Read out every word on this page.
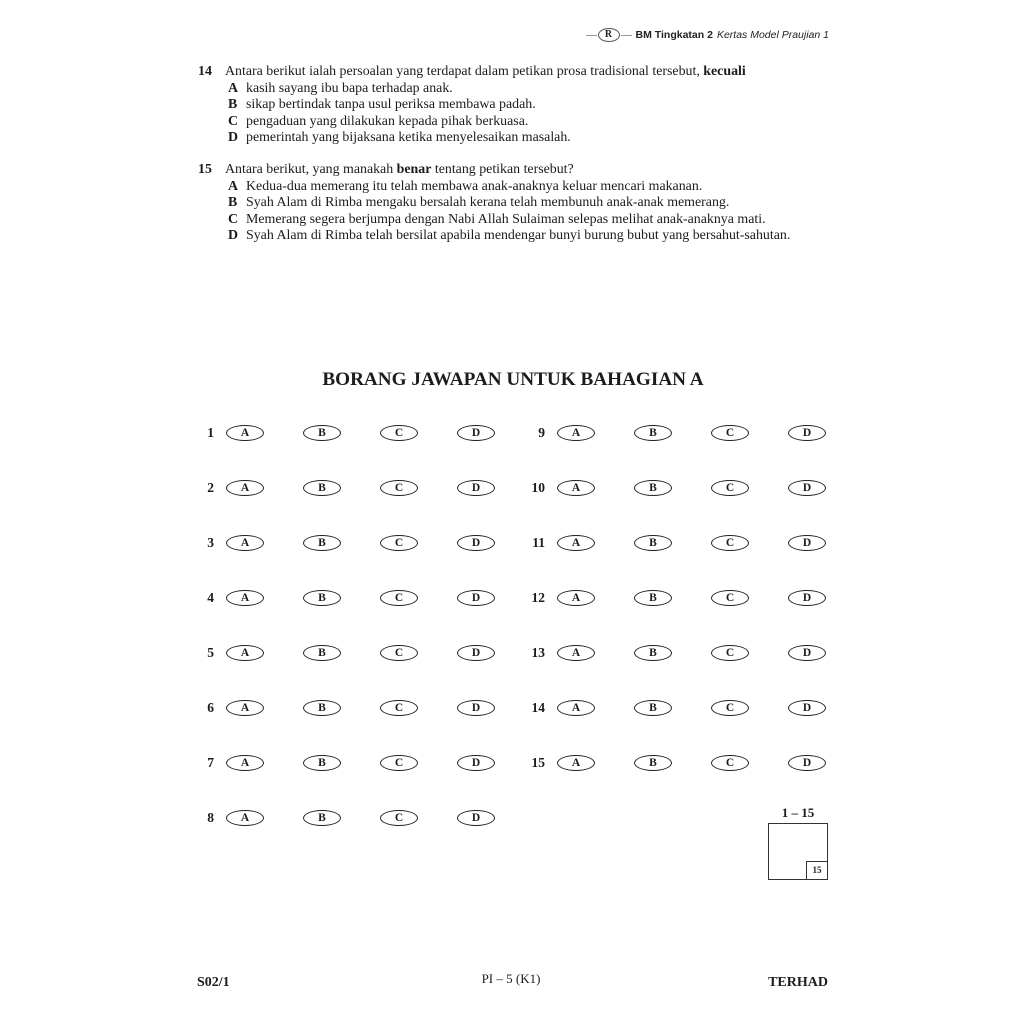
R BM Tingkatan 2 Kertas Model Praujian 1
14 Antara berikut ialah persoalan yang terdapat dalam petikan prosa tradisional tersebut, kecuali
A kasih sayang ibu bapa terhadap anak.
B sikap bertindak tanpa usul periksa membawa padah.
C pengaduan yang dilakukan kepada pihak berkuasa.
D pemerintah yang bijaksana ketika menyelesaikan masalah.
15 Antara berikut, yang manakah benar tentang petikan tersebut?
A Kedua-dua memerang itu telah membawa anak-anaknya keluar mencari makanan.
B Syah Alam di Rimba mengaku bersalah kerana telah membunuh anak-anak memerang.
C Memerang segera berjumpa dengan Nabi Allah Sulaiman selepas melihat anak-anaknya mati.
D Syah Alam di Rimba telah bersilat apabila mendengar bunyi burung bubut yang bersahut-sahutan.
BORANG JAWAPAN UNTUK BAHAGIAN A
1	A	B	C	D
2	A	B	C	D
3	A	B	C	D
4	A	B	C	D
5	A	B	C	D
6	A	B	C	D
7	A	B	C	D
8	A	B	C	D
9	A	B	C	D
10	A	B	C	D
11	A	B	C	D
12	A	B	C	D
13	A	B	C	D
14	A	B	C	D
15	A	B	C	D
1 – 15
15
S02/1	PI – 5 (K1)	TERHAD
